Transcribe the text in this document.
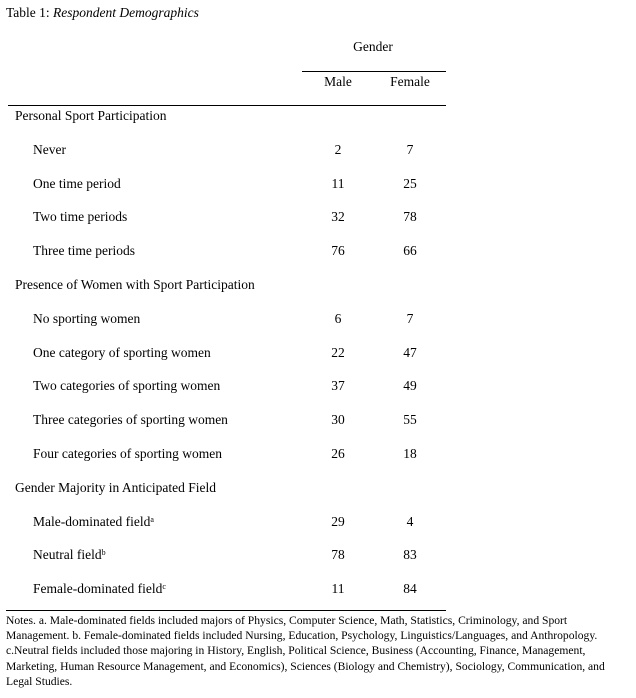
Table 1: Respondent Demographics
Gender
Male	Female
Personal Sport Participation
Never	2	7
One time period	11	25
Two time periods	32	78
Three time periods	76	66
Presence of Women with Sport Participation
No sporting women	6	7
One category of sporting women	22	47
Two categories of sporting women	37	49
Three categories of sporting women	30	55
Four categories of sporting women	26	18
Gender Majority in Anticipated Field
Male-dominated field$^a$	29	4
Neutral field$^b$	78	83
Female-dominated field$^c$	11	84
Notes. a. Male-dominated fields included majors of Physics, Computer Science, Math, Statistics, Criminology, and Sport Management. b. Female-dominated fields included Nursing, Education, Psychology, Linguistics/Languages, and Anthropology. c.Neutral fields included those majoring in History, English, Political Science, Business (Accounting, Finance, Management, Marketing, Human Resource Management, and Economics), Sciences (Biology and Chemistry), Sociology, Communication, and Legal Studies.
